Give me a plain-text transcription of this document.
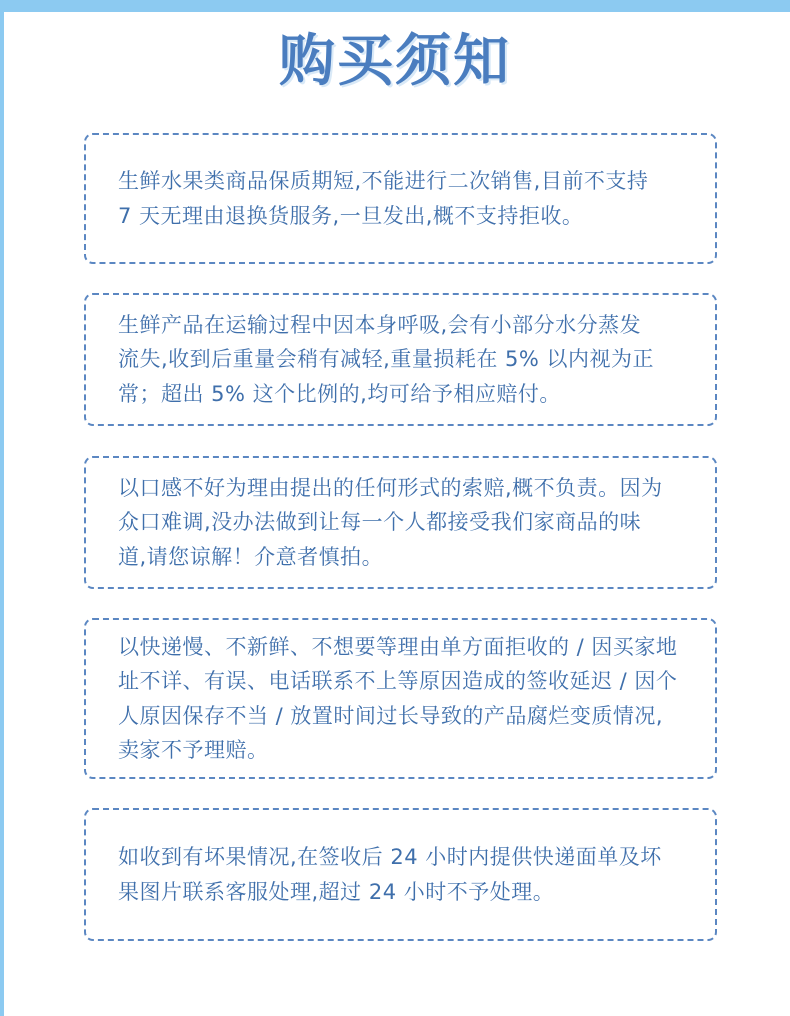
购买须知
生鲜水果类商品保质期短,不能进行二次销售,目前不支持
7 天无理由退换货服务,一旦发出,概不支持拒收。
生鲜产品在运输过程中因本身呼吸,会有小部分水分蒸发
流失,收到后重量会稍有减轻,重量损耗在 5% 以内视为正
常；超出 5% 这个比例的,均可给予相应赔付。
以口感不好为理由提出的任何形式的索赔,概不负责。因为
众口难调,没办法做到让每一个人都接受我们家商品的味
道,请您谅解！介意者慎拍。
以快递慢、不新鲜、不想要等理由单方面拒收的 / 因买家地
址不详、有误、电话联系不上等原因造成的签收延迟 / 因个
人原因保存不当 / 放置时间过长导致的产品腐烂变质情况,
卖家不予理赔。
如收到有坏果情况,在签收后 24 小时内提供快递面单及坏
果图片联系客服处理,超过 24 小时不予处理。
